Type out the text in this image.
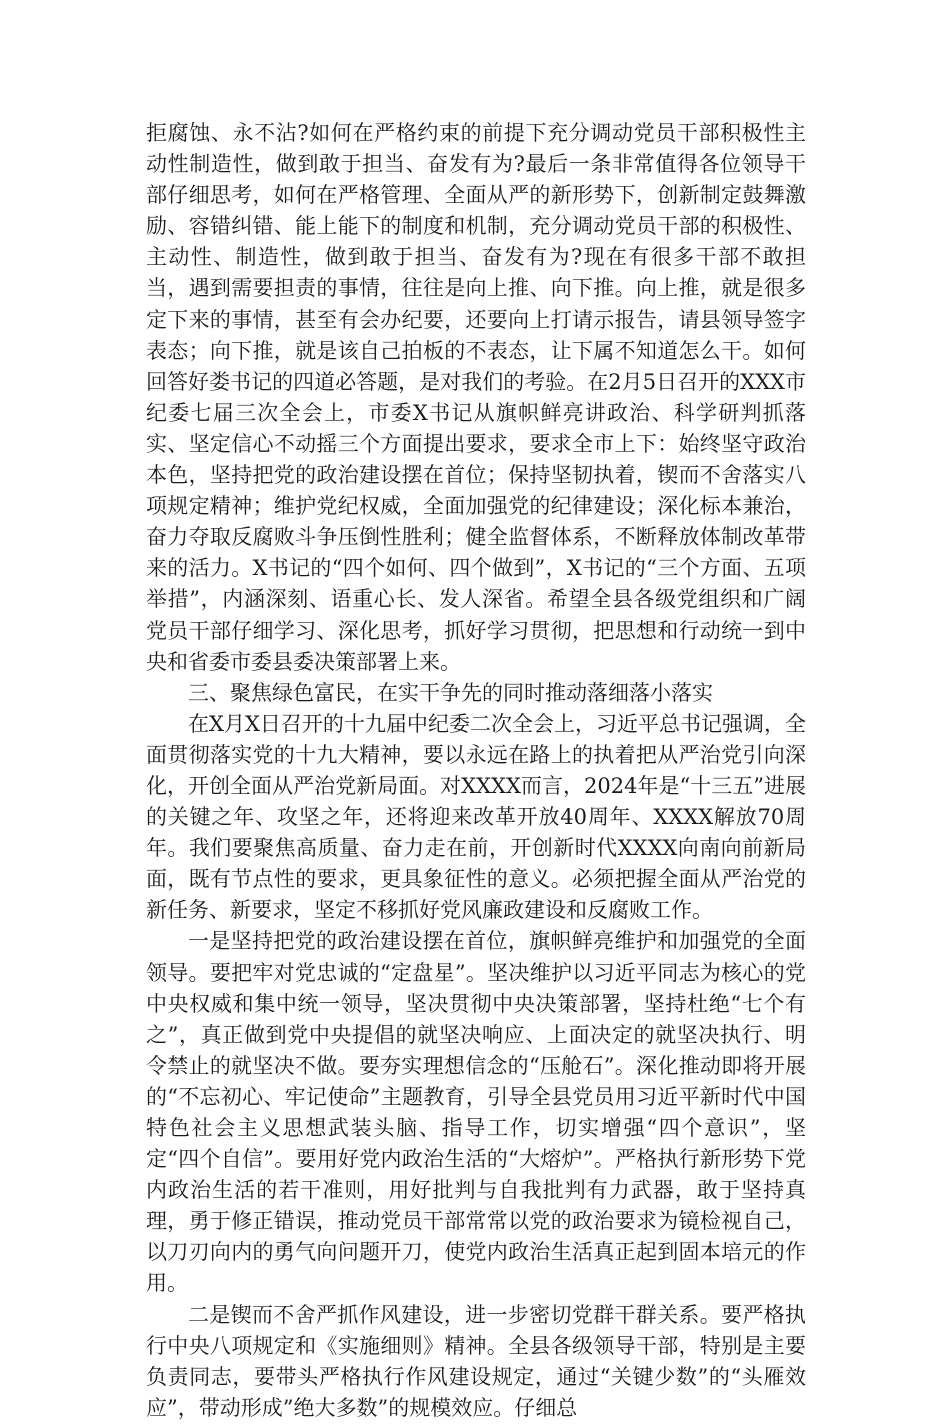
拒腐蚀、永不沾?如何在严格约束的前提下充分调动党员干部积极性主动性制造性，做到敢于担当、奋发有为?最后一条非常值得各位领导干部仔细思考，如何在严格管理、全面从严的新形势下，创新制定鼓舞激励、容错纠错、能上能下的制度和机制，充分调动党员干部的积极性、主动性、制造性，做到敢于担当、奋发有为?现在有很多干部不敢担当，遇到需要担责的事情，往往是向上推、向下推。向上推，就是很多定下来的事情，甚至有会办纪要，还要向上打请示报告，请县领导签字表态；向下推，就是该自己拍板的不表态，让下属不知道怎么干。如何回答好娄书记的四道必答题，是对我们的考验。在2月5日召开的XXX市纪委七届三次全会上，市委X书记从旗帜鲜亮讲政治、科学研判抓落实、坚定信心不动摇三个方面提出要求，要求全市上下：始终坚守政治本色，坚持把党的政治建设摆在首位；保持坚韧执着，锲而不舍落实八项规定精神；维护党纪权威，全面加强党的纪律建设；深化标本兼治，奋力夺取反腐败斗争压倒性胜利；健全监督体系，不断释放体制改革带来的活力。X书记的“四个如何、四个做到”，X书记的“三个方面、五项举措”，内涵深刻、语重心长、发人深省。希望全县各级党组织和广阔党员干部仔细学习、深化思考，抓好学习贯彻，把思想和行动统一到中央和省委市委县委决策部署上来。

三、聚焦绿色富民，在实干争先的同时推动落细落小落实

在X月X日召开的十九届中纪委二次全会上，习近平总书记强调，全面贯彻落实党的十九大精神，要以永远在路上的执着把从严治党引向深化，开创全面从严治党新局面。对XXXX而言，2024年是“十三五”进展的关键之年、攻坚之年，还将迎来改革开放40周年、XXXX解放70周年。我们要聚焦高质量、奋力走在前，开创新时代XXXX向南向前新局面，既有节点性的要求，更具象征性的意义。必须把握全面从严治党的新任务、新要求，坚定不移抓好党风廉政建设和反腐败工作。

一是坚持把党的政治建设摆在首位，旗帜鲜亮维护和加强党的全面领导。要把牢对党忠诚的“定盘星”。坚决维护以习近平同志为核心的党中央权威和集中统一领导，坚决贯彻中央决策部署，坚持杜绝“七个有之”，真正做到党中央提倡的就坚决响应、上面决定的就坚决执行、明令禁止的就坚决不做。要夯实理想信念的“压舱石”。深化推动即将开展的“不忘初心、牢记使命”主题教育，引导全县党员用习近平新时代中国特色社会主义思想武装头脑、指导工作，切实增强“四个意识”，坚定“四个自信”。要用好党内政治生活的“大熔炉”。严格执行新形势下党内政治生活的若干准则，用好批判与自我批判有力武器，敢于坚持真理，勇于修正错误，推动党员干部常常以党的政治要求为镜检视自己，以刀刃向内的勇气向问题开刀，使党内政治生活真正起到固本培元的作用。

二是锲而不舍严抓作风建设，进一步密切党群干群关系。要严格执行中央八项规定和《实施细则》精神。全县各级领导干部，特别是主要负责同志，要带头严格执行作风建设规定，通过“关键少数”的“头雁效应”，带动形成”绝大多数”的规模效应。仔细总
